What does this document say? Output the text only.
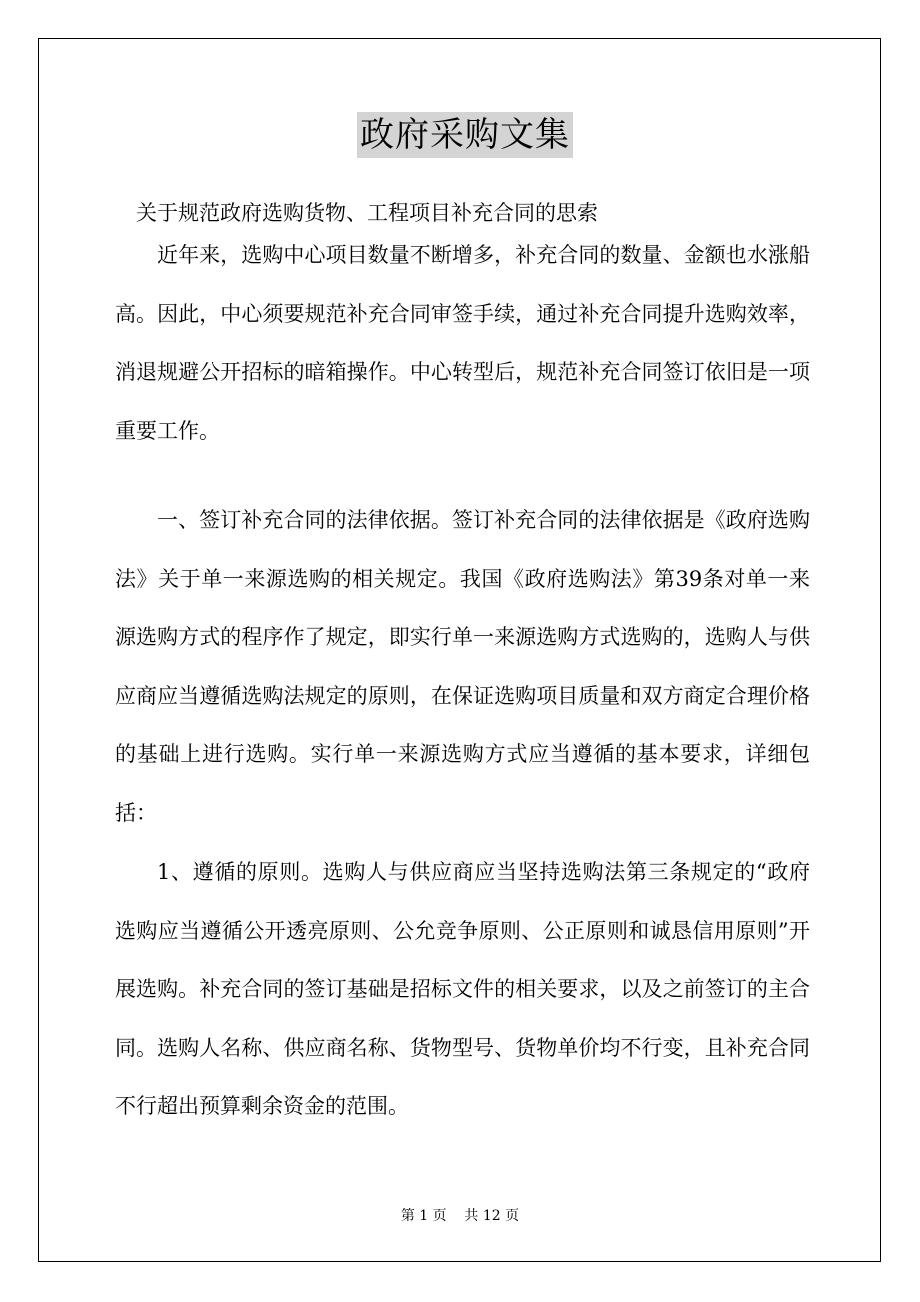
政府采购文集
关于规范政府选购货物、工程项目补充合同的思索

近年来，选购中心项目数量不断增多，补充合同的数量、金额也水涨船高。因此，中心须要规范补充合同审签手续，通过补充合同提升选购效率，消退规避公开招标的暗箱操作。中心转型后，规范补充合同签订依旧是一项重要工作。

一、签订补充合同的法律依据。签订补充合同的法律依据是《政府选购法》关于单一来源选购的相关规定。我国《政府选购法》第39条对单一来源选购方式的程序作了规定，即实行单一来源选购方式选购的，选购人与供应商应当遵循选购法规定的原则，在保证选购项目质量和双方商定合理价格的基础上进行选购。实行单一来源选购方式应当遵循的基本要求，详细包括：

1、遵循的原则。选购人与供应商应当坚持选购法第三条规定的“政府选购应当遵循公开透亮原则、公允竞争原则、公正原则和诚恳信用原则”开展选购。补充合同的签订基础是招标文件的相关要求，以及之前签订的主合同。选购人名称、供应商名称、货物型号、货物单价均不行变，且补充合同不行超出预算剩余资金的范围。

第 1 页    共 12 页
